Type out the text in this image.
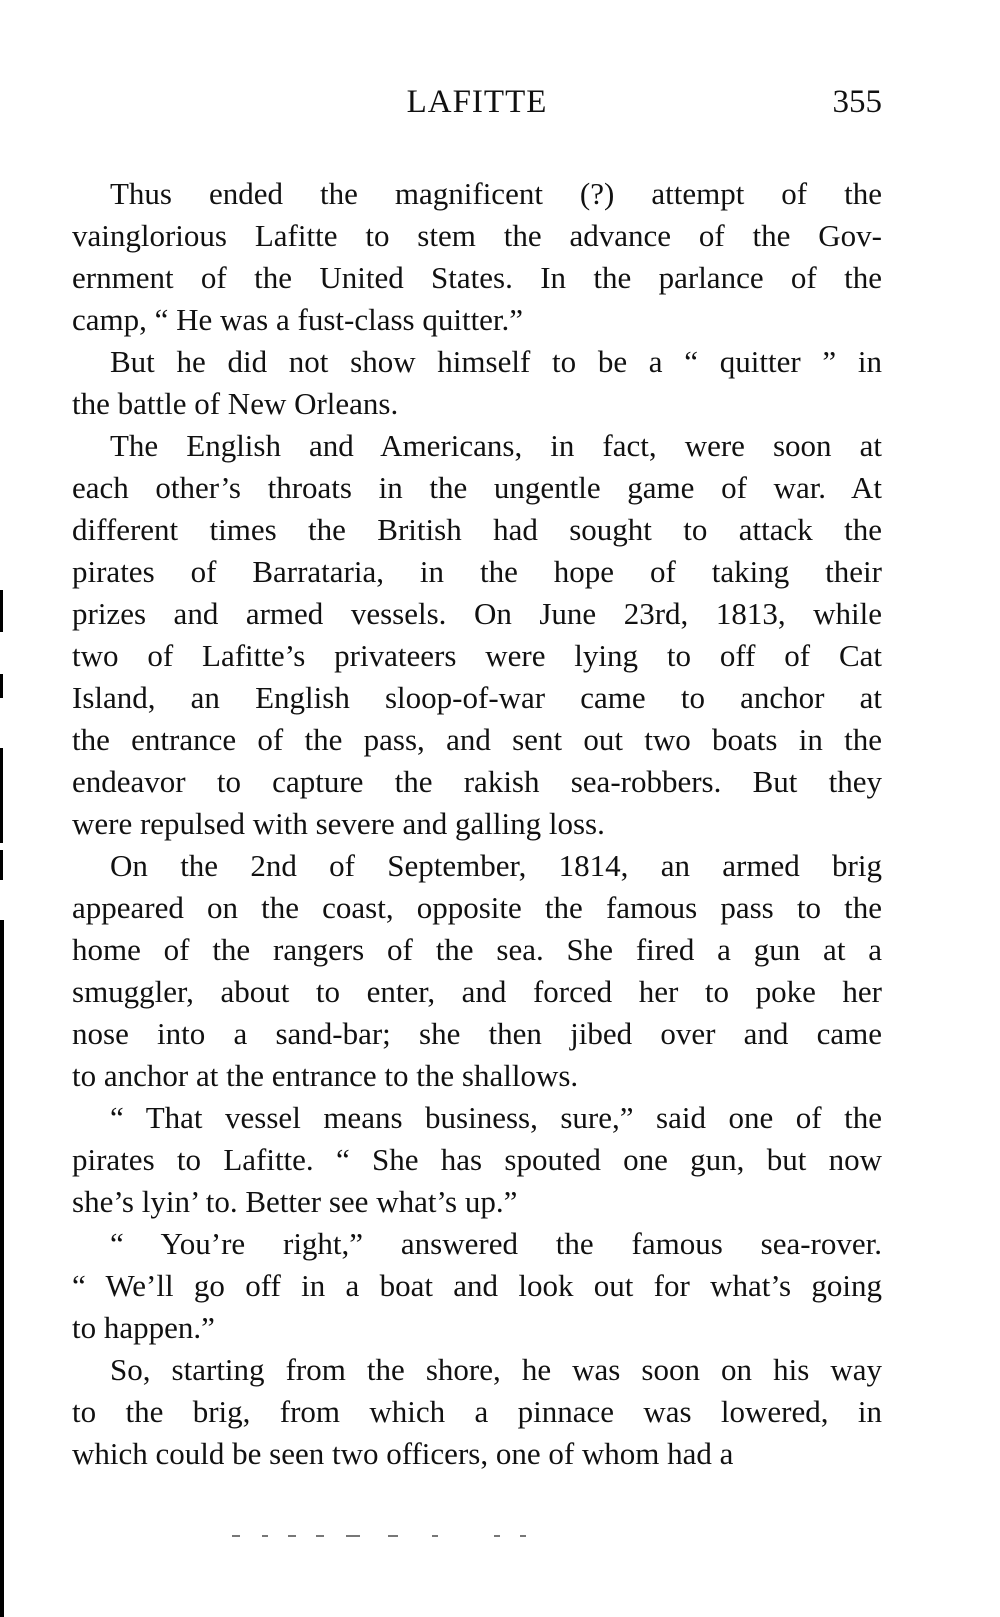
LAFITTE	355
Thus ended the magnificent (?) attempt of the
vainglorious Lafitte to stem the advance of the Gov-
ernment of the United States. In the parlance of the
camp, “ He was a fust-class quitter.”
But he did not show himself to be a “ quitter ” in
the battle of New Orleans.
The English and Americans, in fact, were soon at
each other’s throats in the ungentle game of war. At
different times the British had sought to attack the
pirates of Barrataria, in the hope of taking their
prizes and armed vessels. On June 23rd, 1813, while
two of Lafitte’s privateers were lying to off of Cat
Island, an English sloop-of-war came to anchor at
the entrance of the pass, and sent out two boats in the
endeavor to capture the rakish sea-robbers. But they
were repulsed with severe and galling loss.
On the 2nd of September, 1814, an armed brig
appeared on the coast, opposite the famous pass to the
home of the rangers of the sea. She fired a gun at a
smuggler, about to enter, and forced her to poke her
nose into a sand-bar; she then jibed over and came
to anchor at the entrance to the shallows.
“ That vessel means business, sure,” said one of the
pirates to Lafitte. “ She has spouted one gun, but now
she’s lyin’ to. Better see what’s up.”
“ You’re right,” answered the famous sea-rover.
“ We’ll go off in a boat and look out for what’s going
to happen.”
So, starting from the shore, he was soon on his way
to the brig, from which a pinnace was lowered, in
which could be seen two officers, one of whom had a
